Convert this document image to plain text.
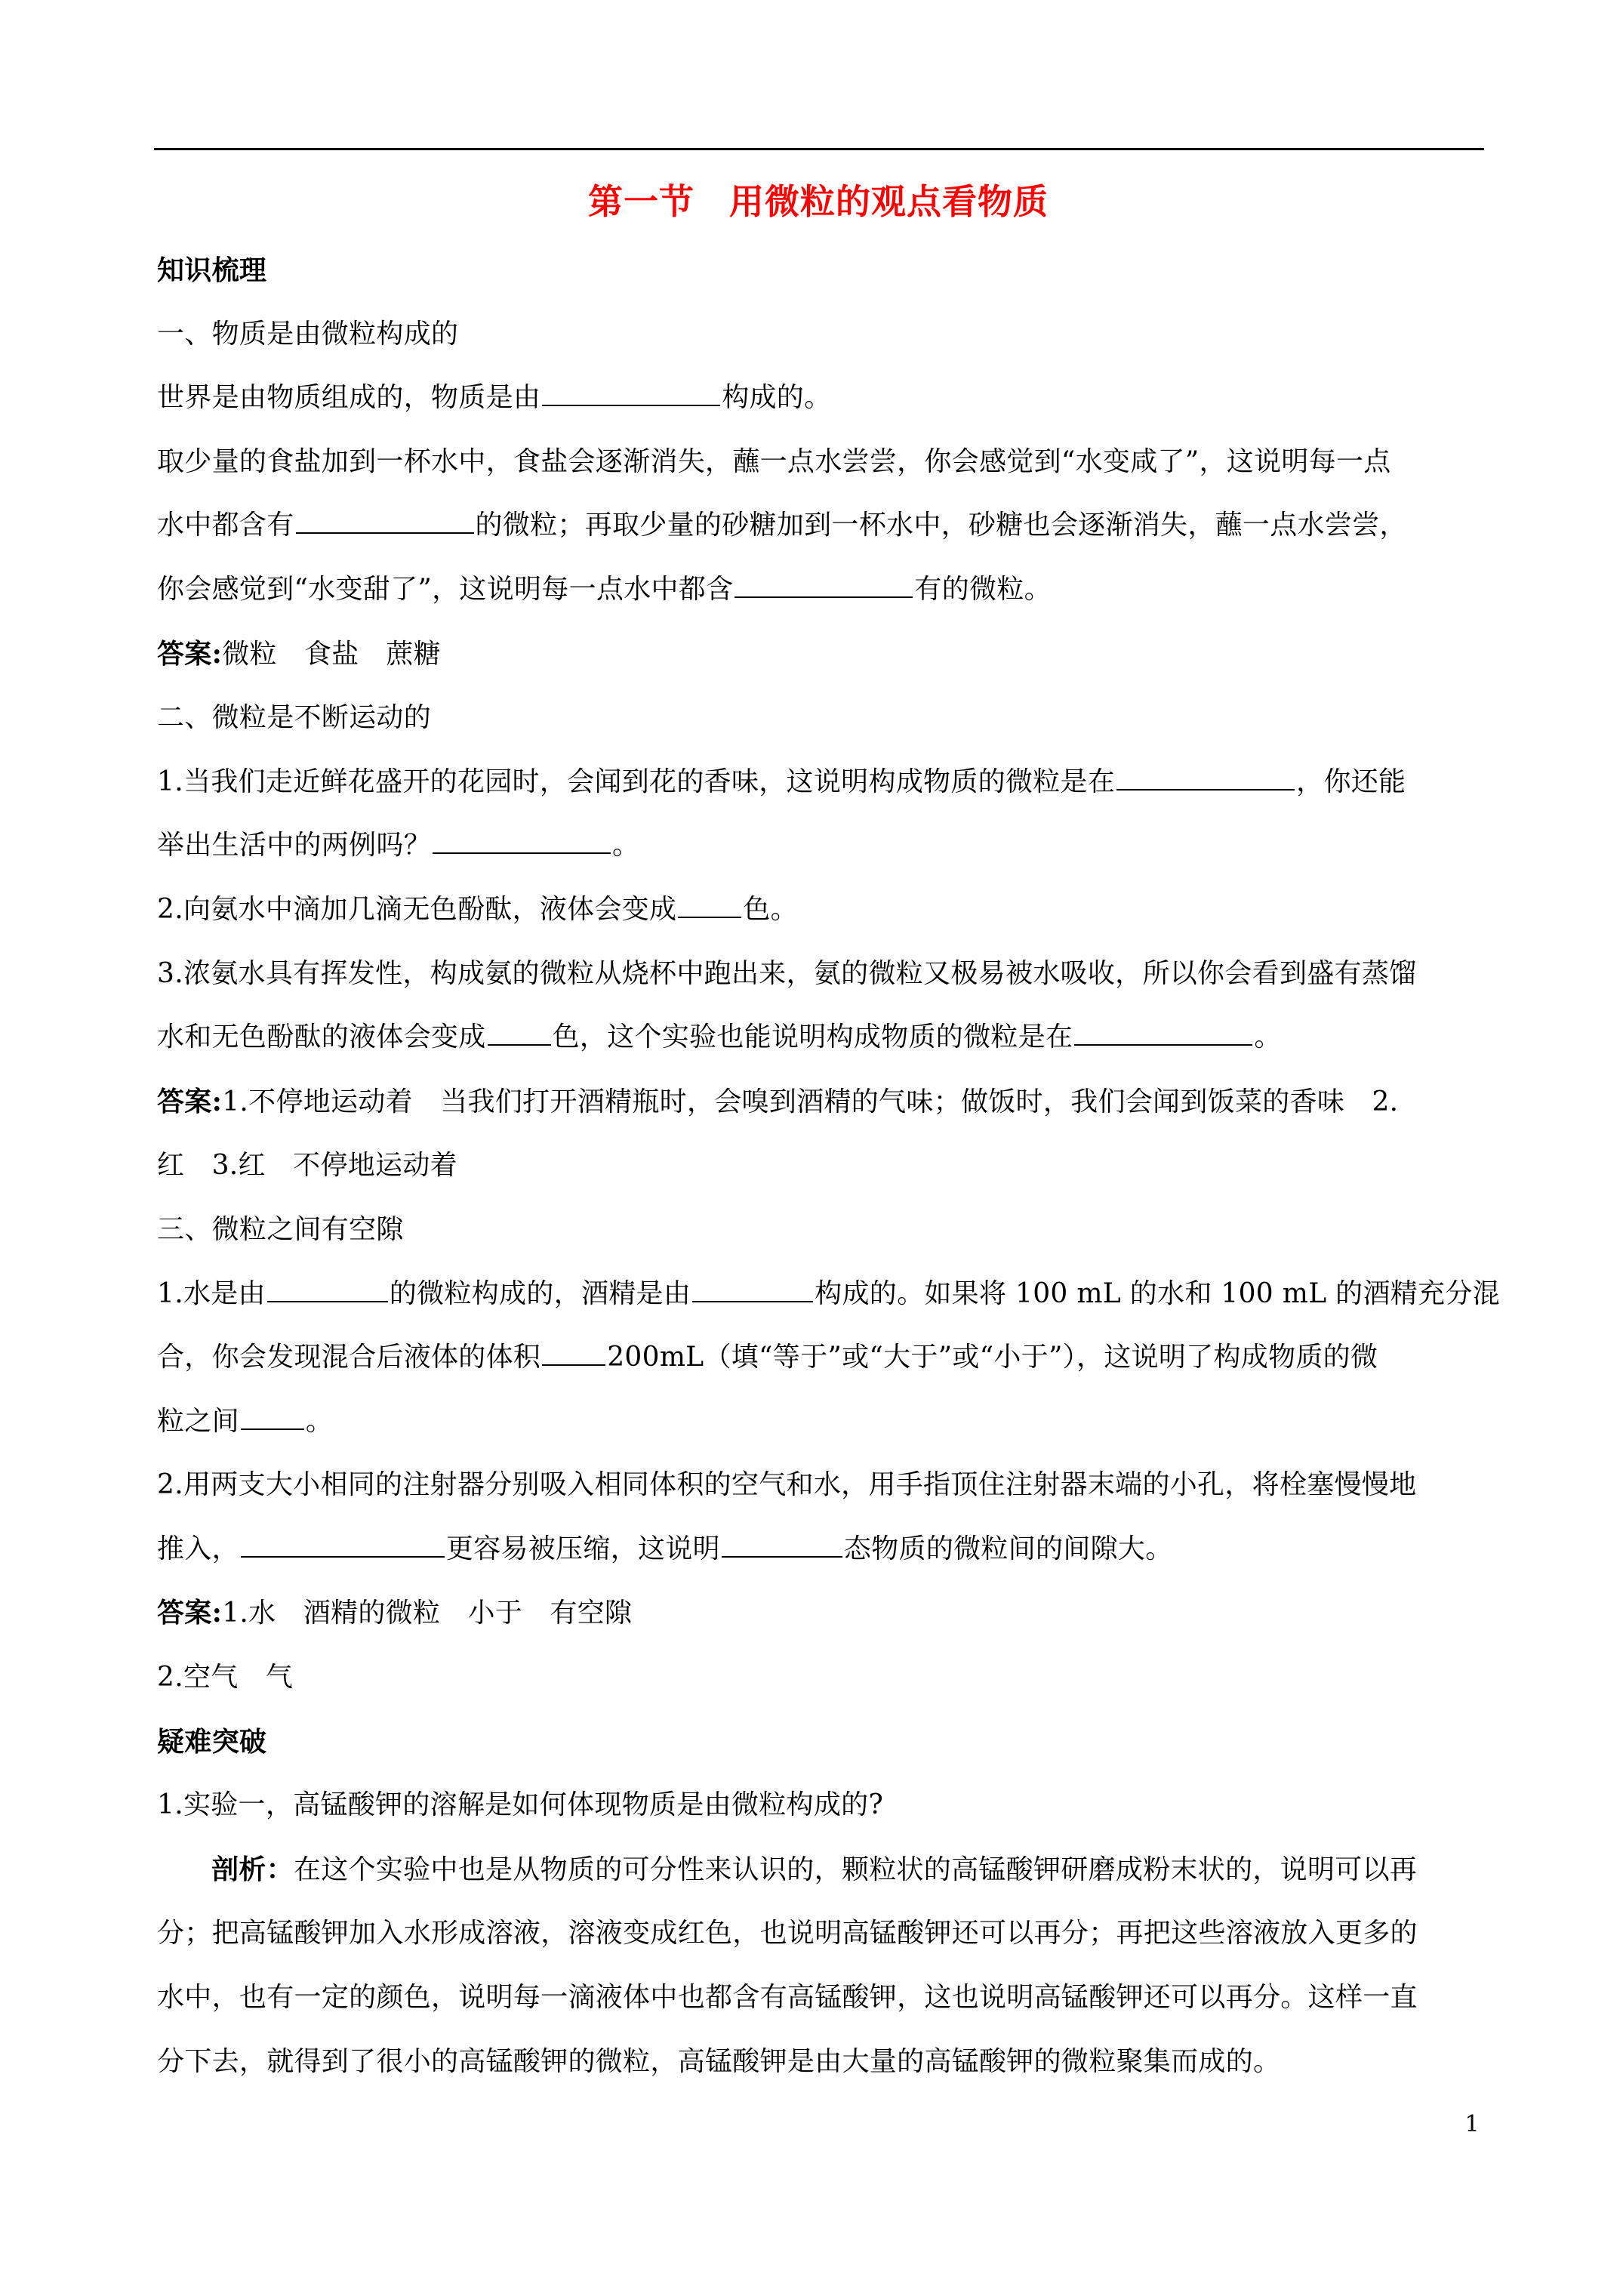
第一节 用微粒的观点看物质

知识梳理

一、物质是由微粒构成的

世界是由物质组成的，物质是由	构成的。

取少量的食盐加到一杯水中，食盐会逐渐消失，蘸一点水尝尝，你会感觉到“水变咸了”，这说明每一点

水中都含有	的微粒；再取少量的砂糖加到一杯水中，砂糖也会逐渐消失，蘸一点水尝尝，

你会感觉到“水变甜了”，这说明每一点水中都含	有的微粒。

答案:微粒 食盐 蔗糖

二、微粒是不断运动的

1.当我们走近鲜花盛开的花园时，会闻到花的香味，这说明构成物质的微粒是在	，你还能

举出生活中的两例吗？	。

2.向氨水中滴加几滴无色酚酞，液体会变成 色。

3.浓氨水具有挥发性，构成氨的微粒从烧杯中跑出来，氨的微粒又极易被水吸收，所以你会看到盛有蒸馏

水和无色酚酞的液体会变成 色，这个实验也能说明构成物质的微粒是在	。

答案:1.不停地运动着　当我们打开酒精瓶时，会嗅到酒精的气味；做饭时，我们会闻到饭菜的香味　2.

红　3.红　不停地运动着

三、微粒之间有空隙

1.水是由	的微粒构成的，酒精是由	构成的。如果将 100 mL 的水和 100 mL 的酒精充分混

合，你会发现混合后液体的体积 200mL（填“等于”或“大于”或“小于”），这说明了构成物质的微

粒之间 。

2.用两支大小相同的注射器分别吸入相同体积的空气和水，用手指顶住注射器末端的小孔，将栓塞慢慢地

推入，	更容易被压缩，这说明	态物质的微粒间的间隙大。

答案:1.水　酒精的微粒　小于　有空隙

2.空气　气

疑难突破

1.实验一，高锰酸钾的溶解是如何体现物质是由微粒构成的?

剖析：在这个实验中也是从物质的可分性来认识的，颗粒状的高锰酸钾研磨成粉末状的，说明可以再

分；把高锰酸钾加入水形成溶液，溶液变成红色，也说明高锰酸钾还可以再分；再把这些溶液放入更多的

水中，也有一定的颜色，说明每一滴液体中也都含有高锰酸钾，这也说明高锰酸钾还可以再分。这样一直

分下去，就得到了很小的高锰酸钾的微粒，高锰酸钾是由大量的高锰酸钾的微粒聚集而成的。

1
